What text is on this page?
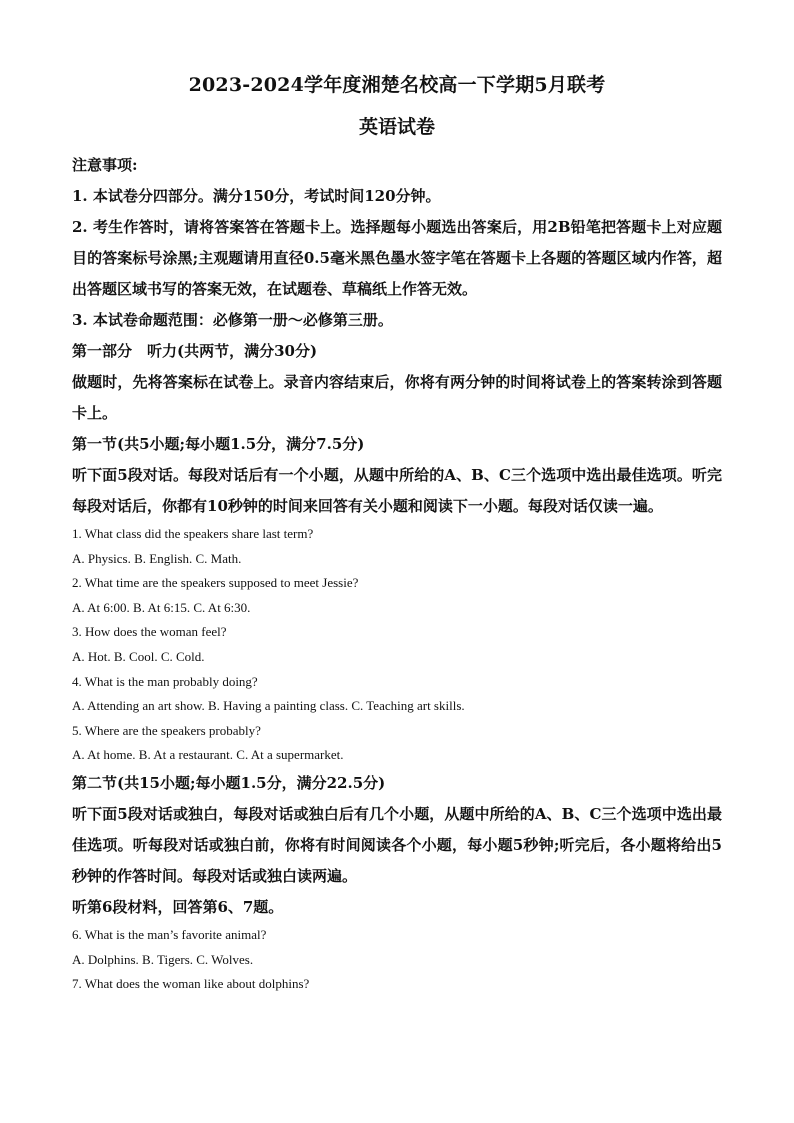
2023-2024学年度湘楚名校高一下学期5月联考
英语试卷

注意事项:

1. 本试卷分四部分。满分150分，考试时间120分钟。

2. 考生作答时，请将答案答在答题卡上。选择题每小题选出答案后，用2B铅笔把答题卡上对应题目的答案标号涂黑;主观题请用直径0.5毫米黑色墨水签字笔在答题卡上各题的答题区域内作答，超出答题区域书写的答案无效，在试题卷、草稿纸上作答无效。

3. 本试卷命题范围：必修第一册～必修第三册。

第一部分　听力(共两节，满分30分)

做题时，先将答案标在试卷上。录音内容结束后，你将有两分钟的时间将试卷上的答案转涂到答题卡上。

第一节(共5小题;每小题1.5分，满分7.5分)

听下面5段对话。每段对话后有一个小题，从题中所给的A、B、C三个选项中选出最佳选项。听完每段对话后，你都有10秒钟的时间来回答有关小题和阅读下一小题。每段对话仅读一遍。

1. What class did the speakers share last term?

A. Physics. B. English. C. Math.

2. What time are the speakers supposed to meet Jessie?

A. At 6:00. B. At 6:15. C. At 6:30.

3. How does the woman feel?

A. Hot. B. Cool. C. Cold.

4. What is the man probably doing?

A. Attending an art show. B. Having a painting class. C. Teaching art skills.

5. Where are the speakers probably?

A. At home. B. At a restaurant. C. At a supermarket.

第二节(共15小题;每小题1.5分，满分22.5分)

听下面5段对话或独白，每段对话或独白后有几个小题，从题中所给的A、B、C三个选项中选出最佳选项。听每段对话或独白前，你将有时间阅读各个小题，每小题5秒钟;听完后，各小题将给出5秒钟的作答时间。每段对话或独白读两遍。

听第6段材料，回答第6、7题。

6. What is the man’s favorite animal?

A. Dolphins. B. Tigers. C. Wolves.

7. What does the woman like about dolphins?
